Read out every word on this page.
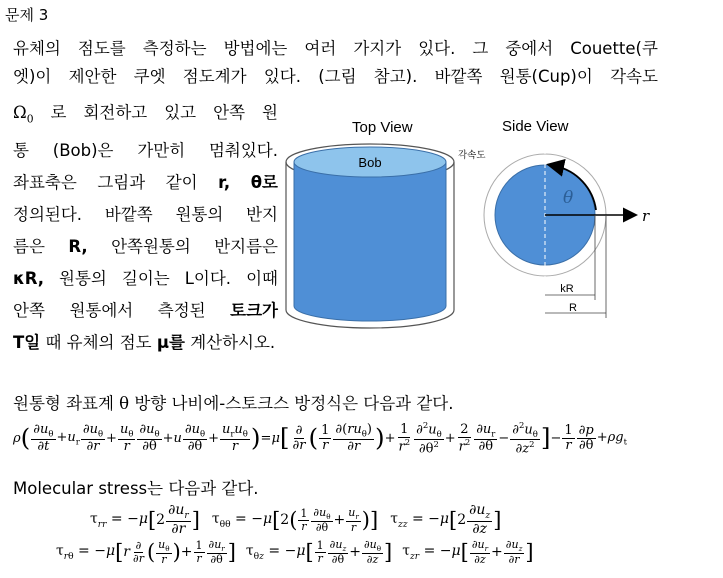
문제 3
유체의 점도를 측정하는 방법에는 여러 가지가 있다. 그 중에서 Couette(쿠
엣)이 제안한 쿠엣 점도계가 있다. (그림 참고). 바깥쪽 원통(Cup)이 각속도
$\Omega_0$ 로 회전하고 있고 안쪽 원
통 (Bob)은 가만히 멈춰있다.
좌표축은 그림과 같이 r, θ로
정의된다. 바깥쪽 원통의 반지
름은 R, 안쪽원통의 반지름은
κR, 원통의 길이는 L이다. 이때
안쪽 원통에서 측정된 토크가
T일 때 유체의 점도 μ를 계산하시오.
Top View
Bob
Side View
r
θ
각속도
kR
R
원통형 좌표계 θ 방향 나비에-스토크스 방정식은 다음과 같다.
ρ ( $\frac{\partial u_\theta}{\partial t} +u_r \frac{\partial u_\theta}{\partial r} + \frac{u_\theta}{r} \frac{\partial u_\theta}{\partial\theta} +u \frac{\partial u_\theta}{\partial\theta} + \frac{u_ru_\theta}{r}$ ) = μ [ $\frac{\partial}{\partial r}$ ( $\frac{1}{r} \frac{\partial(ru_\theta)}{\partial r}$ ) + $\frac{1}{r^2} \frac{\partial^2u_\theta}{\partial\theta^2} + \frac{2}{r^2} \frac{\partial u_r}{\partial\theta} - \frac{\partial^2u_\theta}{\partial z^2}$ ] − $\frac{1}{r} \frac{\partial p}{\partial\theta} +\rho g_t$
Molecular stress는 다음과 같다.
$\tau_{rr} = -\mu$ [ $2 \frac{\partial u_r}{\partial r}$ ] $\tau_{\theta\theta} = -\mu$ [ 2 ( $\frac{1}{r} \frac{\partial u_\theta}{\partial\theta} + \frac{u_r}{r}$ ) ] $\tau_{zz} = -\mu$ [ $2 \frac{\partial u_z}{\partial z}$ ]
$\tau_{r\theta} = -\mu$ [ r $\frac{\partial}{\partial r}$ ( $\frac{u_\theta}{r}$ ) + $\frac{1}{r} \frac{\partial u_r}{\partial\theta}$ ] $\tau_{\theta z} = -\mu$ [ $\frac{1}{r} \frac{\partial u_z}{\partial\theta} + \frac{\partial u_\theta}{\partial z}$ ] $\tau_{zr} = -\mu$ [ $\frac{\partial u_r}{\partial z} + \frac{\partial u_z}{\partial r}$ ]
